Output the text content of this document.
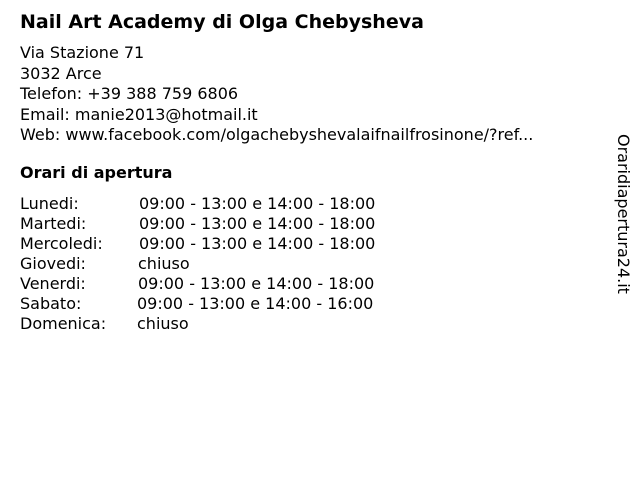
Nail Art Academy di Olga Chebysheva
Via Stazione 71
3032 Arce
Telefon: +39 388 759 6806
Email: manie2013@hotmail.it
Web: www.facebook.com/olgachebyshevalaifnailfrosinone/?ref...
Orari di apertura
Lunedi:	09:00 - 13:00 e 14:00 - 18:00
Martedi:	09:00 - 13:00 e 14:00 - 18:00
Mercoledi: 09:00 - 13:00 e 14:00 - 18:00
Giovedi:	chiuso
Venerdi:	09:00 - 13:00 e 14:00 - 18:00
Sabato:	09:00 - 13:00 e 14:00 - 16:00
Domenica: chiuso
Oraridiapertura24.it
